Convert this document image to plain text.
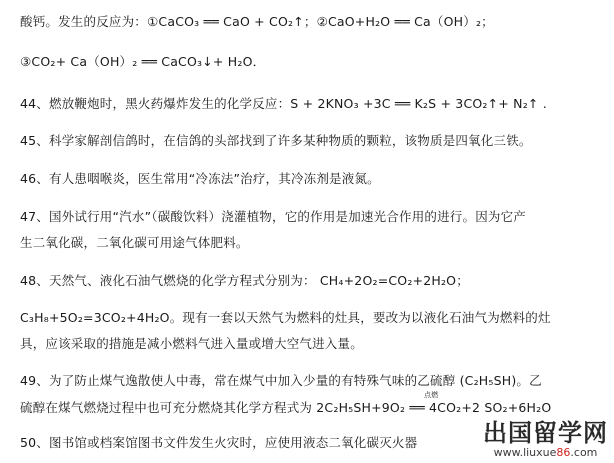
酸钙。发生的反应为：①CaCO₃ ══ CaO + CO₂↑；②CaO+H₂O ══ Ca（OH）₂；
③CO₂+ Ca（OH）₂ ══ CaCO₃↓+ H₂O．
44、燃放鞭炮时，黑火药爆炸发生的化学反应：S + 2KNO₃ +3C ══ K₂S + 3CO₂↑+ N₂↑ .
45、科学家解剖信鸽时，在信鸽的头部找到了许多某种物质的颗粒，该物质是四氧化三铁。
46、有人患咽喉炎，医生常用“冷冻法”治疗，其冷冻剂是液氮。
47、国外试行用“汽水”（碳酸饮料）浇灌植物，它的作用是加速光合作用的进行。因为它产
生二氧化碳，二氧化碳可用途气体肥料。
48、天然气、液化石油气燃烧的化学方程式分别为： CH₄+2O₂=CO₂+2H₂O；
C₃H₈+5O₂=3CO₂+4H₂O。现有一套以天然气为燃料的灶具，要改为以液化石油气为燃料的灶
具，应该采取的措施是减小燃料气进入量或增大空气进入量。
49、为了防止煤气逸散使人中毒，常在煤气中加入少量的有特殊气味的乙硫醇 (C₂H₅SH)。乙
硫醇在煤气燃烧过程中也可充分燃烧其化学方程式为 2C₂H₅SH+9O₂ ══ 4CO₂+2 SO₂+6H₂O
点燃
50、图书馆或档案馆图书文件发生火灾时，应使用液态二氧化碳灭火器	出国留学网
www.liuxue86.com
